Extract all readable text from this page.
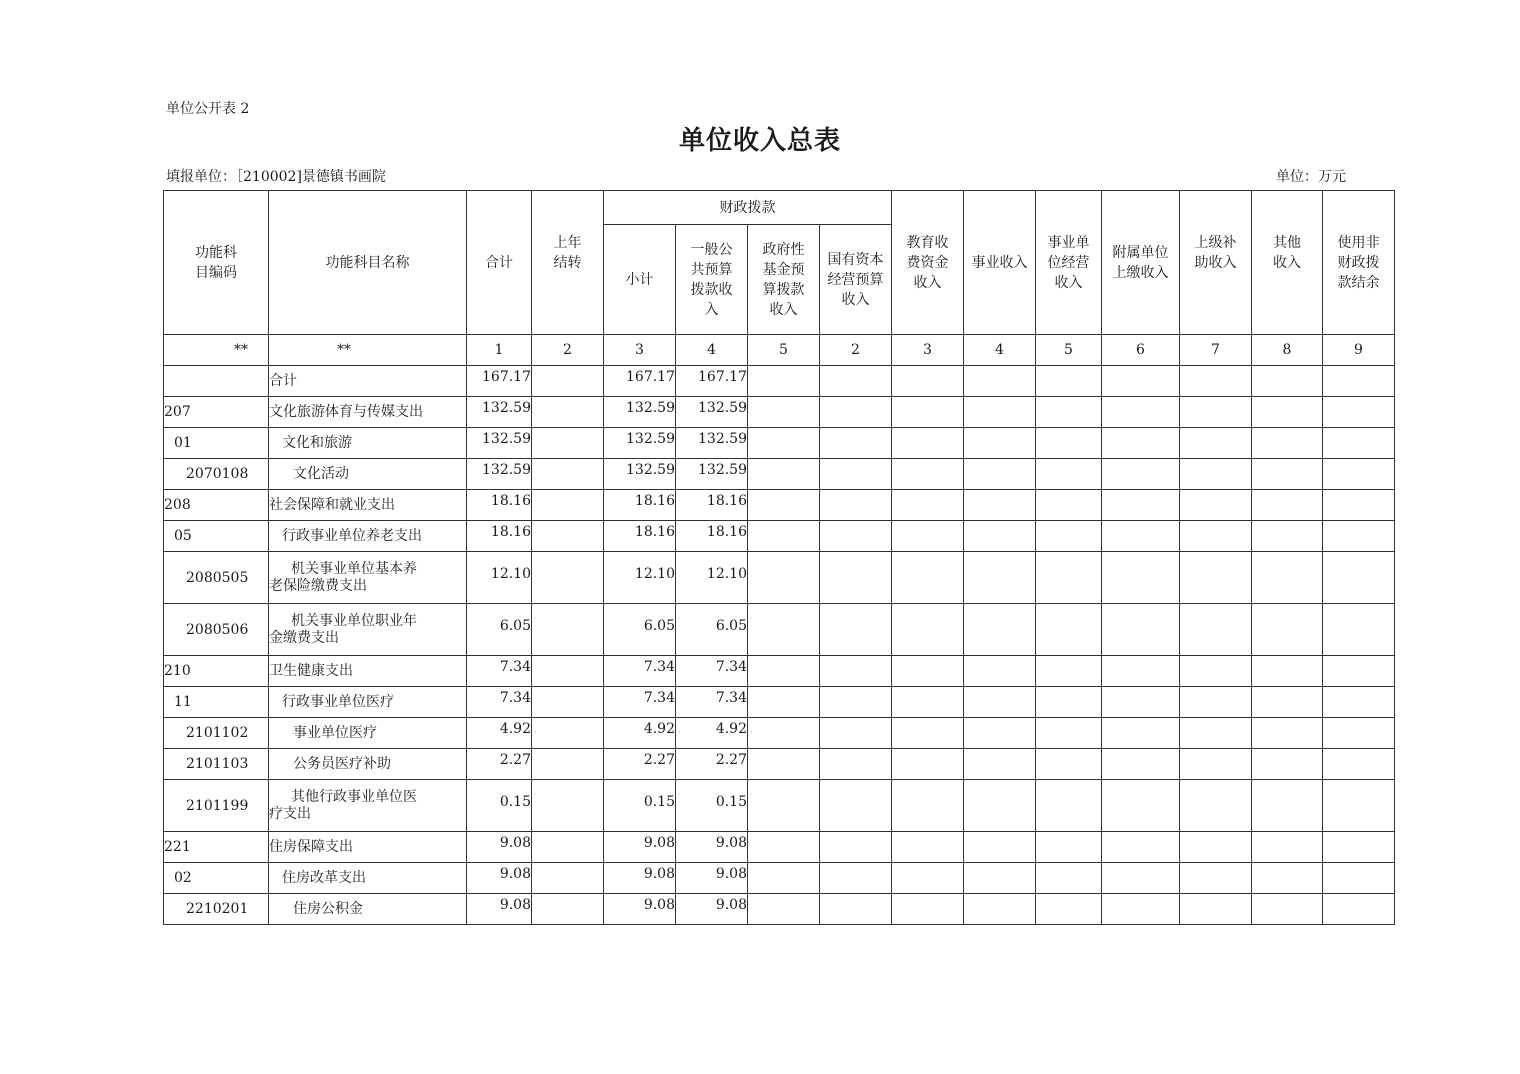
单位公开表 2
单位收入总表
填报单位：［210002]景德镇书画院	单位：万元
功能科目编码	功能科目名称	合计	上年结转	财政拨款				教育收费资金收入	事业收入	事业单位经营收入	附属单位上缴收入	上级补助收入	其他收入	使用非财政拨款结余

				小计	一般公共预算拨款收入	政府性基金预算拨款收入	国有资本经营预算收入							

**	**	1	2	3	4	5	2	3	4	5	6	7	8	9
	合计	167.17		167.17	167.17									
207	文化旅游体育与传媒支出	132.59		132.59	132.59									
01	文化和旅游	132.59		132.59	132.59									
2070108	文化活动	132.59		132.59	132.59									
208	社会保障和就业支出	18.16		18.16	18.16									
05	行政事业单位养老支出	18.16		18.16	18.16									
2080505	机关事业单位基本养
老保险缴费支出	12.10		12.10	12.10									
2080506	机关事业单位职业年
金缴费支出	6.05		6.05	6.05									
210	卫生健康支出	7.34		7.34	7.34									
11	行政事业单位医疗	7.34		7.34	7.34									
2101102	事业单位医疗	4.92		4.92	4.92									
2101103	公务员医疗补助	2.27		2.27	2.27									
2101199	其他行政事业单位医
疗支出	0.15		0.15	0.15									
221	住房保障支出	9.08		9.08	9.08									
02	住房改革支出	9.08		9.08	9.08									
2210201	住房公积金	9.08		9.08	9.08									
